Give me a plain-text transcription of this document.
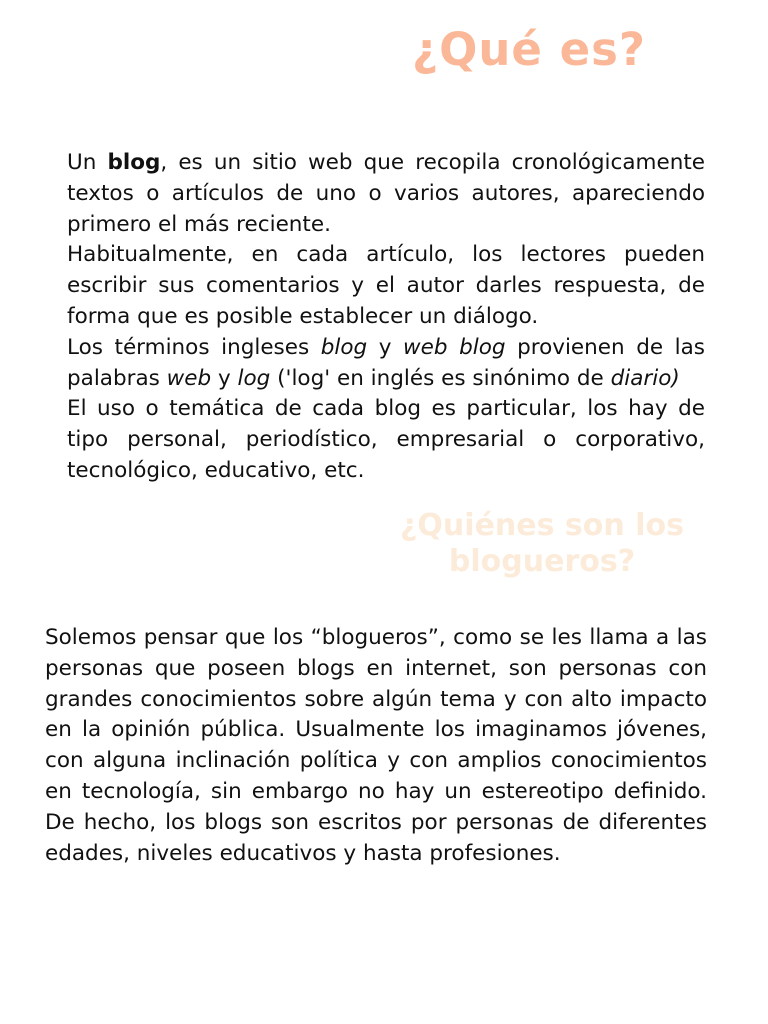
¿Qué es?
¿Quiénes son los blogueros?

Un blog, es un sitio web que recopila cronológicamente textos o artículos de uno o varios autores, apareciendo primero el más reciente.

Habitualmente, en cada artículo, los lectores pueden escribir sus comentarios y el autor darles respuesta, de forma que es posible establecer un diálogo.

Los términos ingleses blog y web blog provienen de las palabras web y log ('log' en inglés es sinónimo de diario)

El uso o temática de cada blog es particular, los hay de tipo personal, periodístico, empresarial o corporativo, tecnológico, educativo, etc.

Solemos pensar que los “blogueros”, como se les llama a las personas que poseen blogs en internet, son personas con grandes conocimientos sobre algún tema y con alto impacto en la opinión pública. Usualmente los imaginamos jóvenes, con alguna inclinación política y con amplios conocimientos en tecnología, sin embargo no hay un estereotipo definido. De hecho, los blogs son escritos por personas de diferentes edades, niveles educativos y hasta profesiones.
